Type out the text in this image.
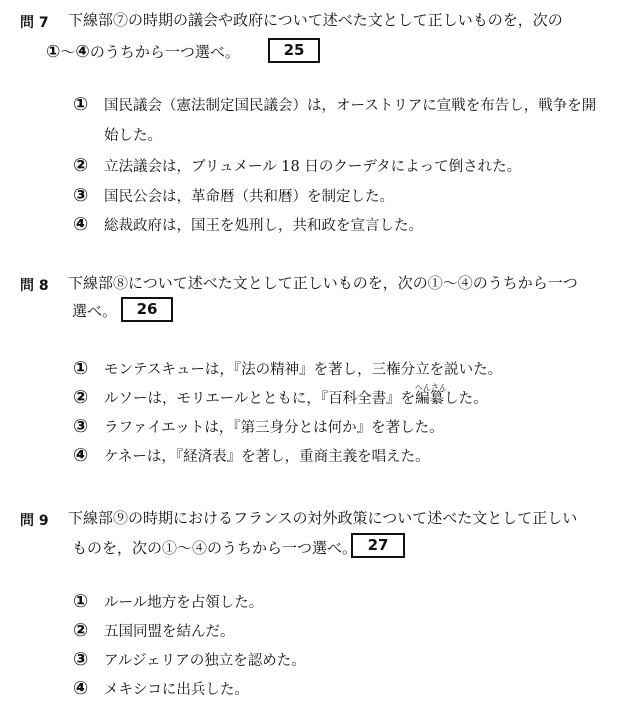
問 7 下線部⑦の時期の議会や政府について述べた文として正しいものを，次の
①～④のうちから一つ選べ。	25
① 国民議会（憲法制定国民議会）は，オーストリアに宣戦を布告し，戦争を開
始した。
② 立法議会は，ブリュメール 18 日のクーデタによって倒された。
③ 国民公会は，革命暦（共和暦）を制定した。
④ 総裁政府は，国王を処刑し，共和政を宣言した。
問 8 下線部⑧について述べた文として正しいものを，次の①～④のうちから一つ
選べ。	26
① モンテスキューは，『法の精神』を著し，三権分立を説いた。
②	へんさん
ルソーは，モリエールとともに，『百科全書』を編纂した。
③ ラファイエットは，『第三身分とは何か』を著した。
④ ケネーは，『経済表』を著し，重商主義を唱えた。
問 9 下線部⑨の時期におけるフランスの対外政策について述べた文として正しい
ものを，次の①～④のうちから一つ選べ。 27
① ルール地方を占領した。
② 五国同盟を結んだ。
③ アルジェリアの独立を認めた。
④ メキシコに出兵した。
